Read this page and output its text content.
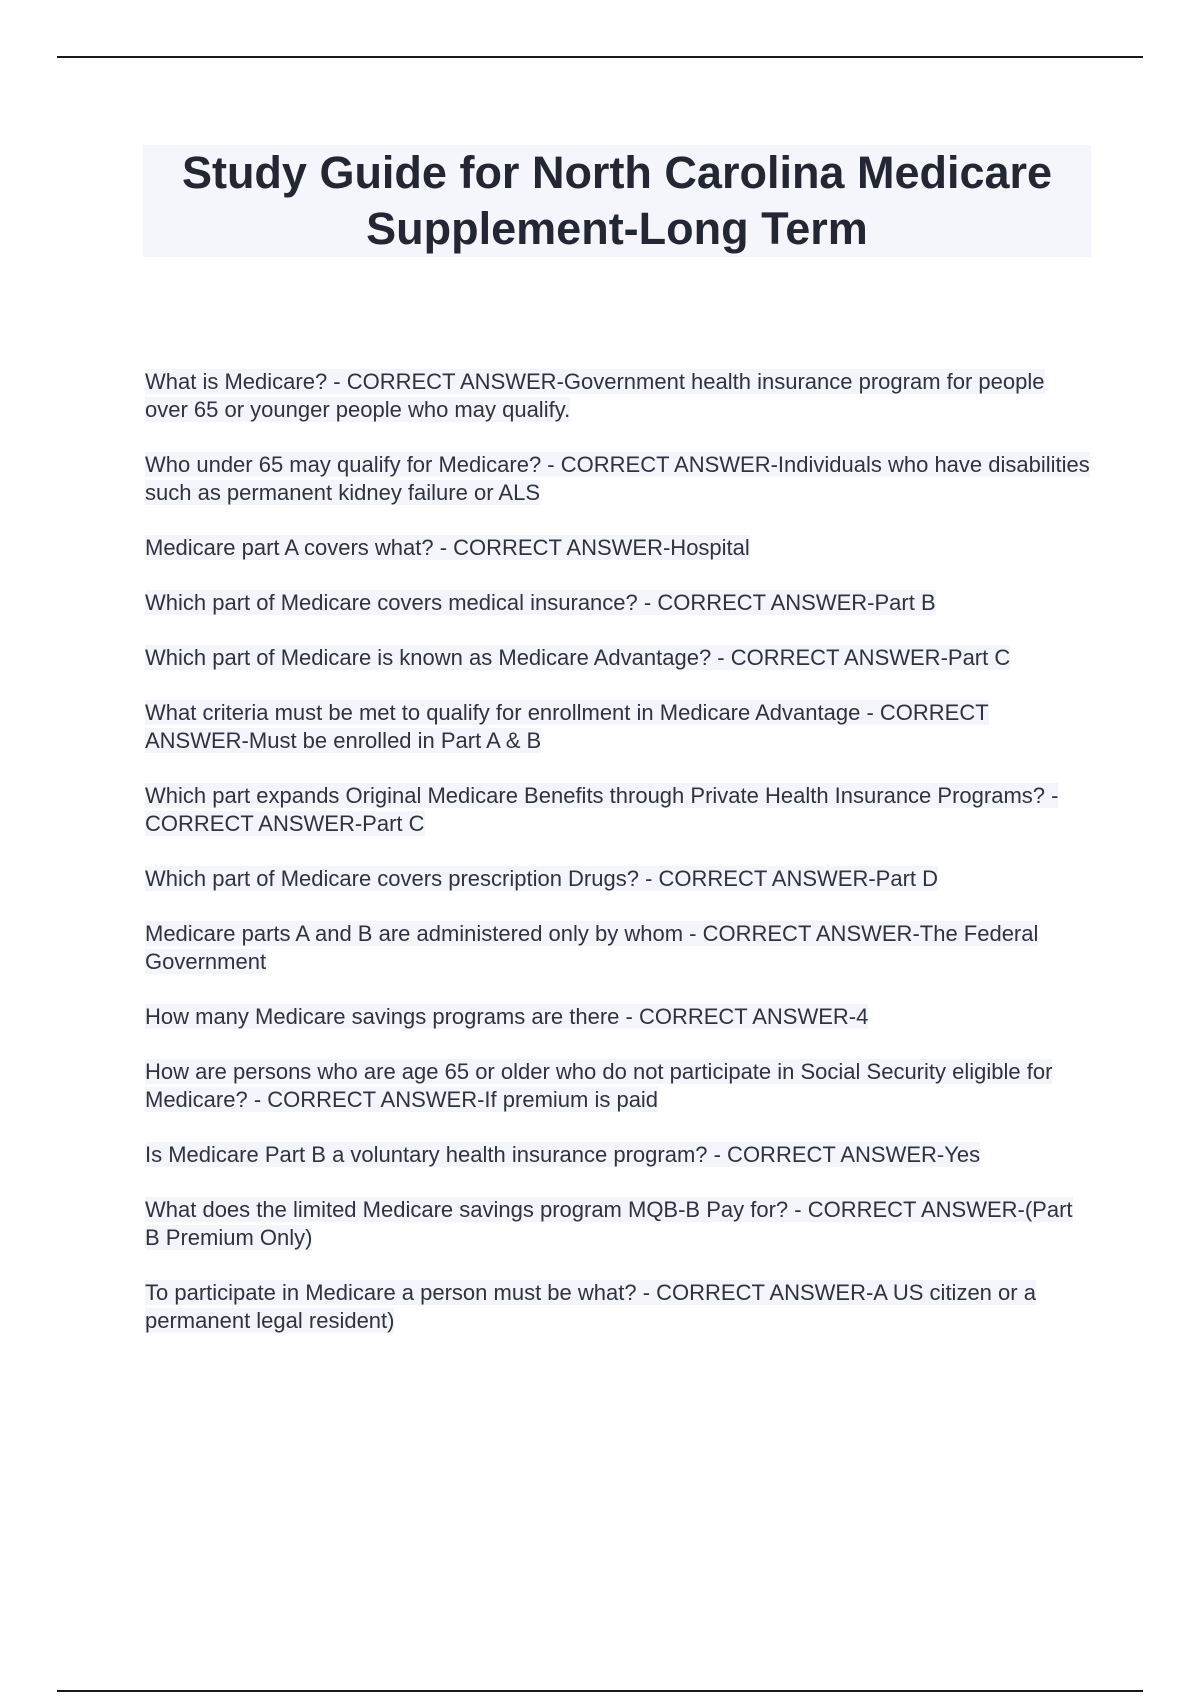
Study Guide for North Carolina Medicare Supplement-Long Term
What is Medicare? - CORRECT ANSWER-Government health insurance program for people over 65 or younger people who may qualify.
Who under 65 may qualify for Medicare? - CORRECT ANSWER-Individuals who have disabilities such as permanent kidney failure or ALS
Medicare part A covers what? - CORRECT ANSWER-Hospital
Which part of Medicare covers medical insurance? - CORRECT ANSWER-Part B
Which part of Medicare is known as Medicare Advantage? - CORRECT ANSWER-Part C
What criteria must be met to qualify for enrollment in Medicare Advantage - CORRECT ANSWER-Must be enrolled in Part A & B
Which part expands Original Medicare Benefits through Private Health Insurance Programs? - CORRECT ANSWER-Part C
Which part of Medicare covers prescription Drugs? - CORRECT ANSWER-Part D
Medicare parts A and B are administered only by whom - CORRECT ANSWER-The Federal Government
How many Medicare savings programs are there - CORRECT ANSWER-4
How are persons who are age 65 or older who do not participate in Social Security eligible for Medicare? - CORRECT ANSWER-If premium is paid
Is Medicare Part B a voluntary health insurance program? - CORRECT ANSWER-Yes
What does the limited Medicare savings program MQB-B Pay for? - CORRECT ANSWER-(Part B Premium Only)
To participate in Medicare a person must be what? - CORRECT ANSWER-A US citizen or a permanent legal resident)
